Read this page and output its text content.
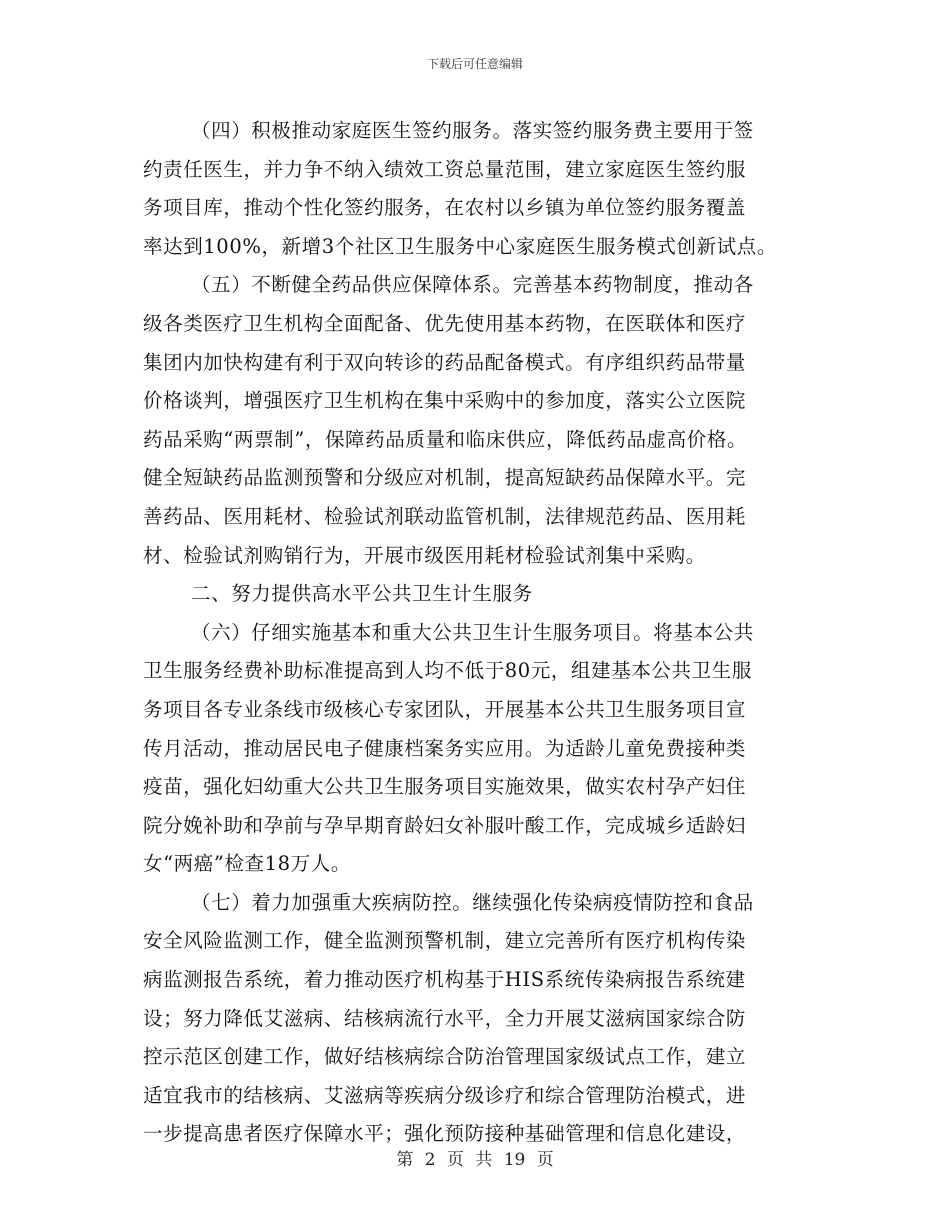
下载后可任意编辑
（四）积极推动家庭医生签约服务。落实签约服务费主要用于签
约责任医生，并力争不纳入绩效工资总量范围，建立家庭医生签约服
务项目库，推动个性化签约服务，在农村以乡镇为单位签约服务覆盖
率达到100%，新增3个社区卫生服务中心家庭医生服务模式创新试点。
（五）不断健全药品供应保障体系。完善基本药物制度，推动各
级各类医疗卫生机构全面配备、优先使用基本药物，在医联体和医疗
集团内加快构建有利于双向转诊的药品配备模式。有序组织药品带量
价格谈判，增强医疗卫生机构在集中采购中的参加度，落实公立医院
药品采购“两票制”，保障药品质量和临床供应，降低药品虚高价格。
健全短缺药品监测预警和分级应对机制，提高短缺药品保障水平。完
善药品、医用耗材、检验试剂联动监管机制，法律规范药品、医用耗
材、检验试剂购销行为，开展市级医用耗材检验试剂集中采购。
二、努力提供高水平公共卫生计生服务
（六）仔细实施基本和重大公共卫生计生服务项目。将基本公共
卫生服务经费补助标准提高到人均不低于80元，组建基本公共卫生服
务项目各专业条线市级核心专家团队，开展基本公共卫生服务项目宣
传月活动，推动居民电子健康档案务实应用。为适龄儿童免费接种类
疫苗，强化妇幼重大公共卫生服务项目实施效果，做实农村孕产妇住
院分娩补助和孕前与孕早期育龄妇女补服叶酸工作，完成城乡适龄妇
女“两癌”检查18万人。
（七）着力加强重大疾病防控。继续强化传染病疫情防控和食品
安全风险监测工作，健全监测预警机制，建立完善所有医疗机构传染
病监测报告系统，着力推动医疗机构基于HIS系统传染病报告系统建
设；努力降低艾滋病、结核病流行水平，全力开展艾滋病国家综合防
控示范区创建工作，做好结核病综合防治管理国家级试点工作，建立
适宜我市的结核病、艾滋病等疾病分级诊疗和综合管理防治模式，进
一步提高患者医疗保障水平；强化预防接种基础管理和信息化建设，
第 2 页 共 19 页
